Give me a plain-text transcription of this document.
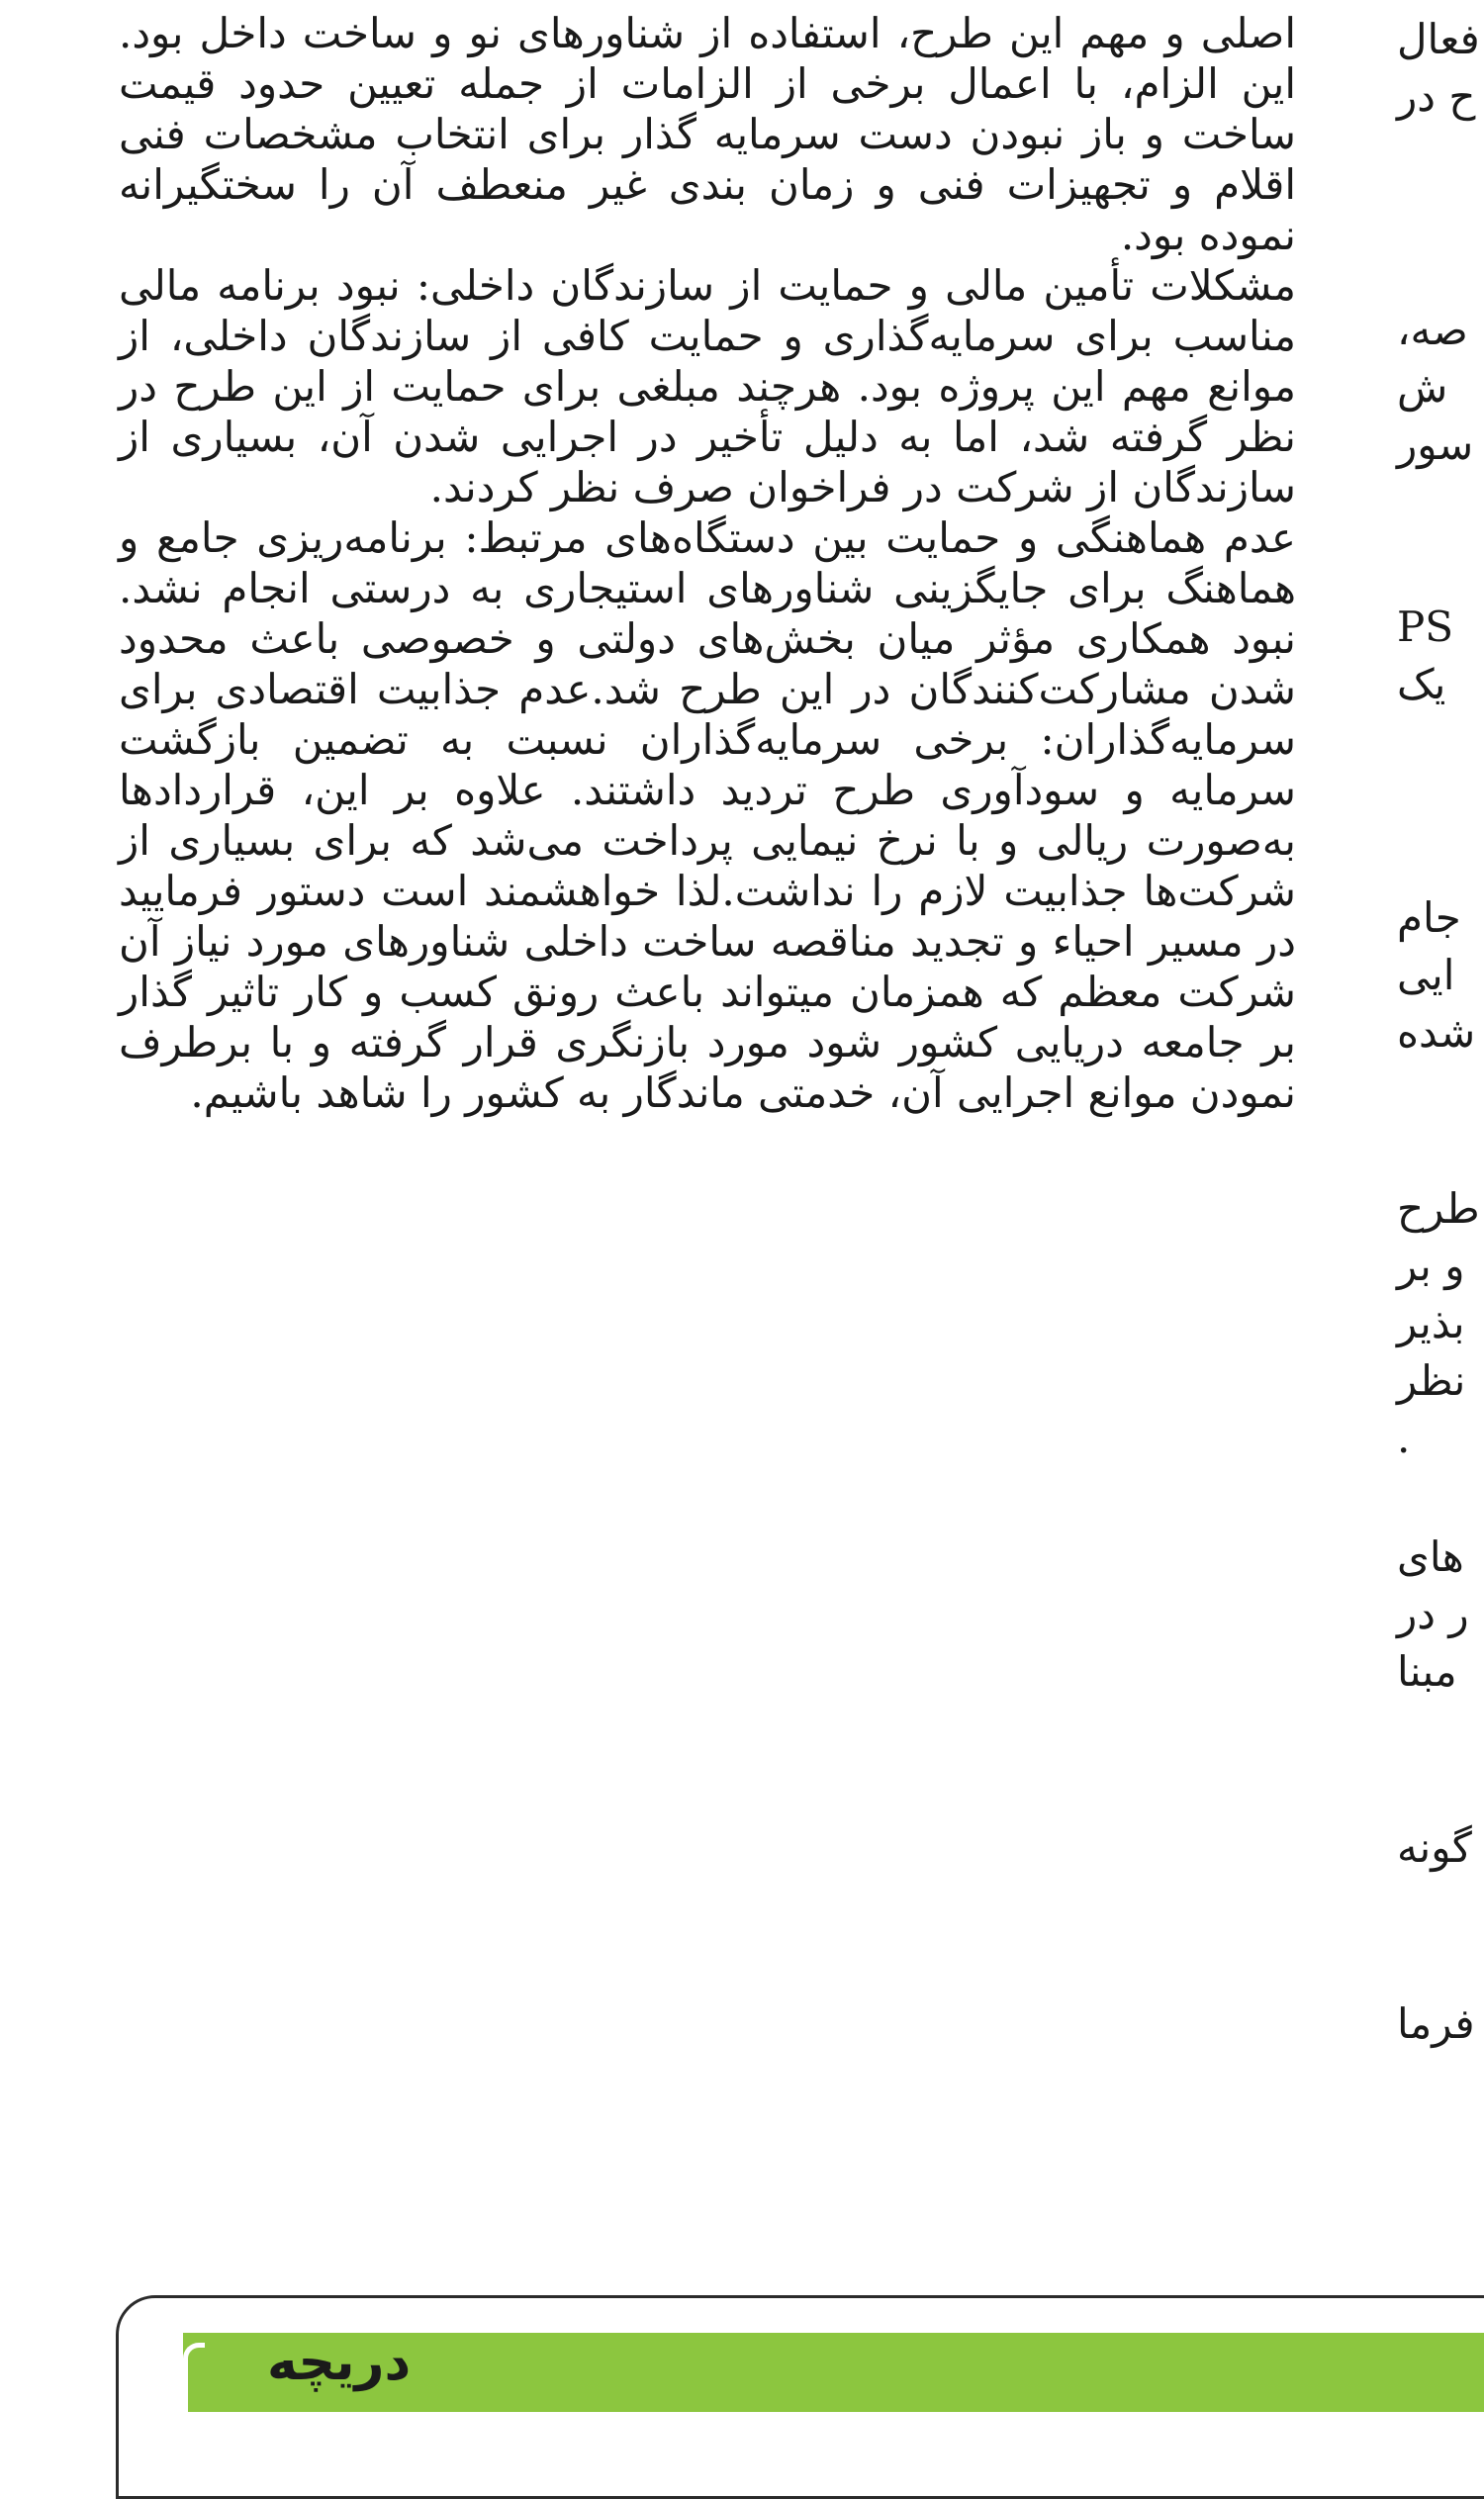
اصلی و مهم این طرح، استفاده از شناورهای نو و ساخت داخل بود. این الزام، با اعمال برخی از الزامات از جمله تعیین حدود قیمت ساخت و باز نبودن دست سرمایه گذار برای انتخاب مشخصات فنی اقلام و تجهیزات فنی و زمان بندی غیر منعطف آن را سختگیرانه نموده بود.

مشکلات تأمین مالی و حمایت از سازندگان داخلی: نبود برنامه مالی مناسب برای سرمایه‌گذاری و حمایت کافی از سازندگان داخلی، از موانع مهم این پروژه بود. هرچند مبلغی برای حمایت از این طرح در نظر گرفته شد، اما به دلیل تأخیر در اجرایی شدن آن، بسیاری از سازندگان از شرکت در فراخوان صرف نظر کردند.

عدم هماهنگی و حمایت بین دستگاه‌های مرتبط: برنامه‌ریزی جامع و هماهنگ برای جایگزینی شناورهای استیجاری به درستی انجام نشد. نبود همکاری مؤثر میان بخش‌های دولتی و خصوصی باعث محدود شدن مشارکت‌کنندگان در این طرح شد.عدم جذابیت اقتصادی برای سرمایه‌گذاران: برخی سرمایه‌گذاران نسبت به تضمین بازگشت سرمایه و سودآوری طرح تردید داشتند. علاوه بر این، قراردادها به‌صورت ریالی و با نرخ نیمایی پرداخت می‌شد که برای بسیاری از شرکت‌ها جذابیت لازم را نداشت.لذا خواهشمند است دستور فرمایید در مسیر احیاء و تجدید مناقصه ساخت داخلی شناورهای مورد نیاز آن شرکت معظم که همزمان میتواند باعث رونق کسب و کار تاثیر گذار بر جامعه دریایی کشور شود مورد بازنگری قرار گرفته و با برطرف نمودن موانع اجرایی آن، خدمتی ماندگار به کشور را شاهد باشیم.

فعال
ح در
صه،
ش
سور
PS
یک
جام
ایی
شده
طرح
و بر
بذیر
نظر
.
های
ر در
مبنا
گونه
فرما
دریچه
